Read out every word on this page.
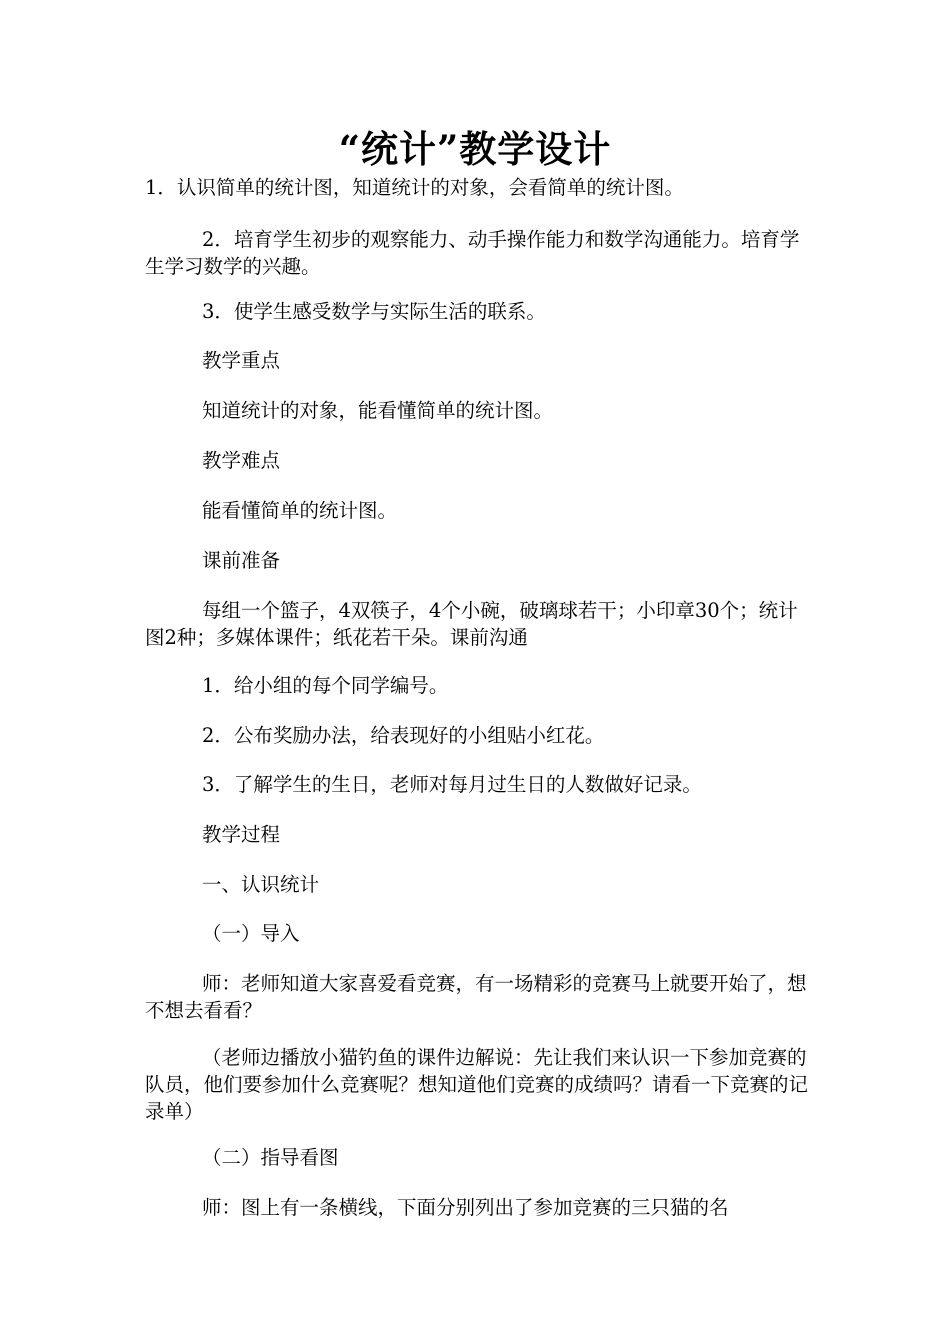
“统计”教学设计

1．认识简单的统计图，知道统计的对象，会看简单的统计图。

2．培育学生初步的观察能力、动手操作能力和数学沟通能力。培育学生学习数学的兴趣。

3．使学生感受数学与实际生活的联系。

教学重点

知道统计的对象，能看懂简单的统计图。

教学难点

能看懂简单的统计图。

课前准备

每组一个篮子，4双筷子，4个小碗，破璃球若干；小印章30个；统计图2种；多媒体课件；纸花若干朵。课前沟通

1．给小组的每个同学编号。

2．公布奖励办法，给表现好的小组贴小红花。

3．了解学生的生日，老师对每月过生日的人数做好记录。

教学过程

一、认识统计

（一）导入

师：老师知道大家喜爱看竞赛，有一场精彩的竞赛马上就要开始了，想不想去看看？

（老师边播放小猫钓鱼的课件边解说：先让我们来认识一下参加竞赛的队员，他们要参加什么竞赛呢？想知道他们竞赛的成绩吗？请看一下竞赛的记录单）

（二）指导看图

师：图上有一条横线，下面分别列出了参加竞赛的三只猫的名
